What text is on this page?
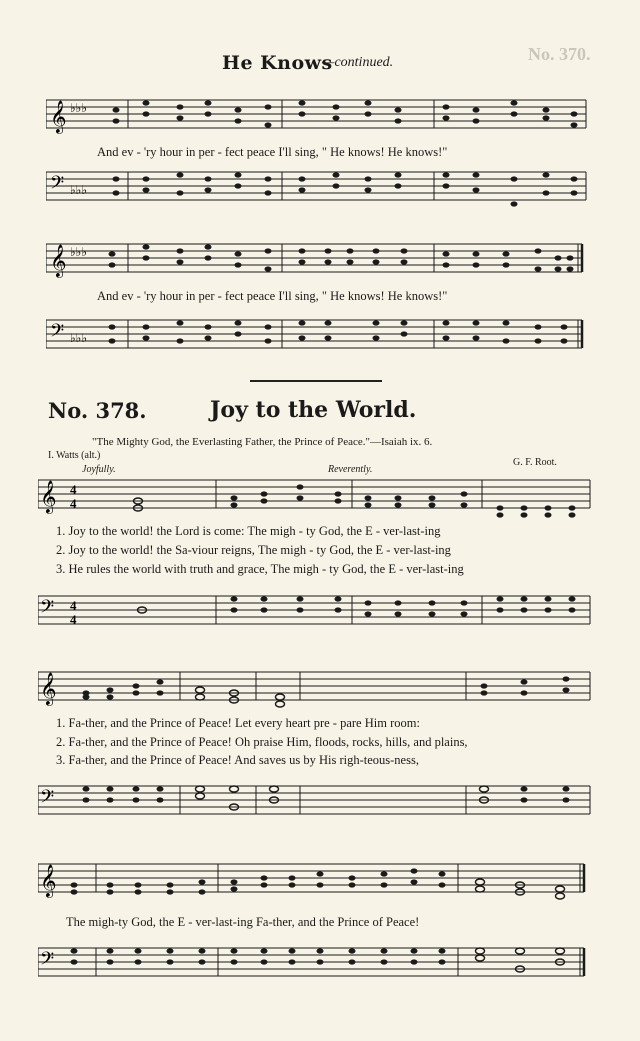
No. 370.
He Knows
—continued.
𝄞 ♭♭♭
And ev - 'ry hour in per - fect peace I'll sing, " He knows! He knows!"
𝄢 ♭♭♭
𝄞 ♭♭♭
And ev - 'ry hour in per - fect peace I'll sing, " He knows! He knows!"
𝄢 ♭♭♭
No. 378.	Joy to the World.
"The Mighty God, the Everlasting Father, the Prince of Peace."—Isaiah ix. 6.
I. Watts (alt.)
G. F. Root.
Joyfully.	Reverently.
𝄞 4
4
1. Joy to the world! the Lord is come: The migh - ty God, the E - ver-last-ing
2. Joy to the world! the Sa-viour reigns, The migh - ty God, the E - ver-last-ing
3. He rules the world with truth and grace, The migh - ty God, the E - ver-last-ing
𝄢 4
4
𝄞
1. Fa-ther, and the Prince of Peace! Let every heart pre - pare Him room:
2. Fa-ther, and the Prince of Peace! Oh praise Him, floods, rocks, hills, and plains,
3. Fa-ther, and the Prince of Peace! And saves us by His righ-teous-ness,
𝄢
𝄞
The migh-ty God, the E - ver-last-ing Fa-ther, and the Prince of Peace!
𝄢
